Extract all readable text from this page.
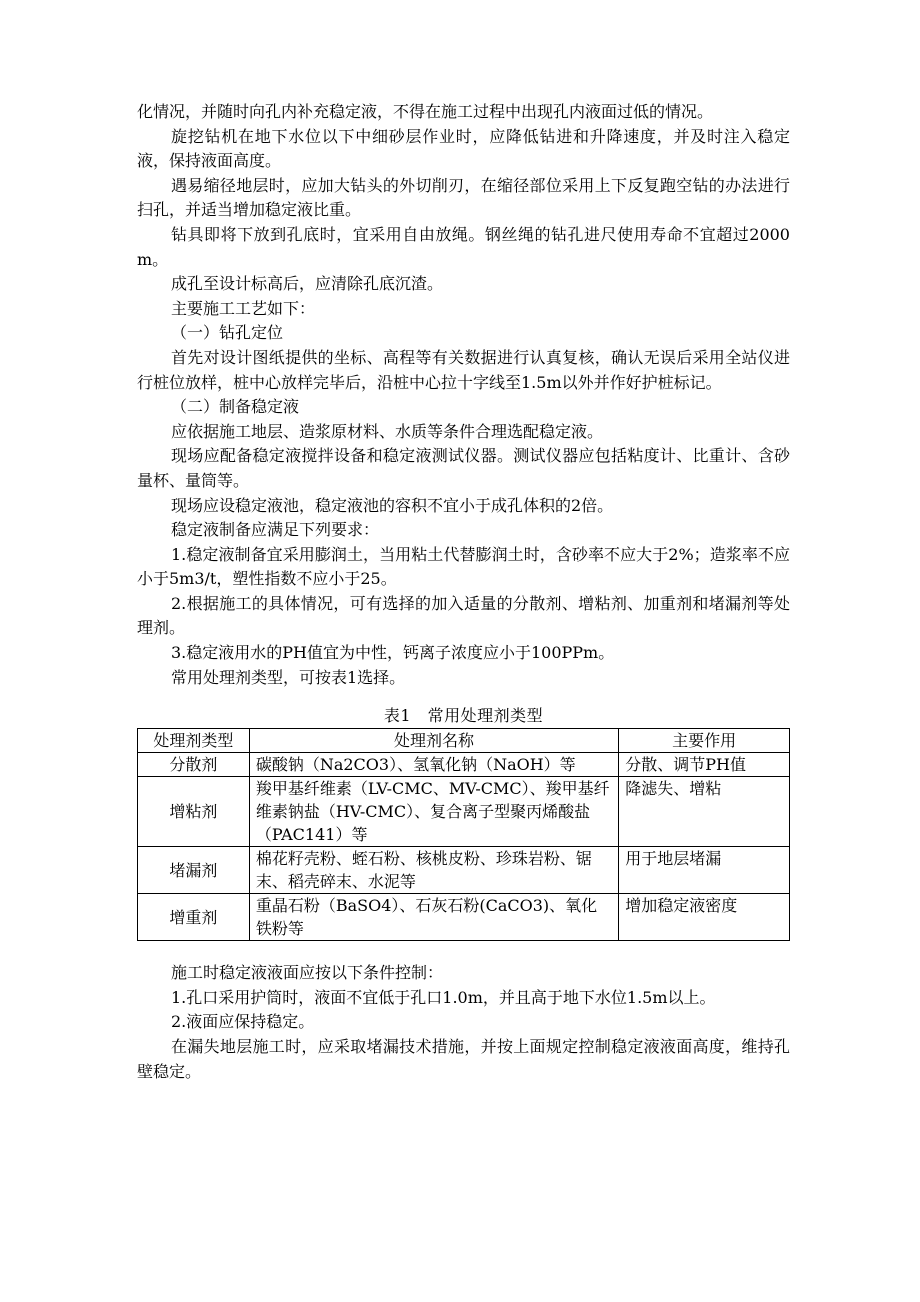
化情况，并随时向孔内补充稳定液，不得在施工过程中出现孔内液面过低的情况。

旋挖钻机在地下水位以下中细砂层作业时，应降低钻进和升降速度，并及时注入稳定液，保持液面高度。

遇易缩径地层时，应加大钻头的外切削刃，在缩径部位采用上下反复跑空钻的办法进行扫孔，并适当增加稳定液比重。

钻具即将下放到孔底时，宜采用自由放绳。钢丝绳的钻孔进尺使用寿命不宜超过2000m。

成孔至设计标高后，应清除孔底沉渣。

主要施工工艺如下：

（一）钻孔定位

首先对设计图纸提供的坐标、高程等有关数据进行认真复核，确认无误后采用全站仪进行桩位放样，桩中心放样完毕后，沿桩中心拉十字线至1.5m以外并作好护桩标记。

（二）制备稳定液

应依据施工地层、造浆原材料、水质等条件合理选配稳定液。

现场应配备稳定液搅拌设备和稳定液测试仪器。测试仪器应包括粘度计、比重计、含砂量杯、量筒等。

现场应设稳定液池，稳定液池的容积不宜小于成孔体积的2倍。

稳定液制备应满足下列要求：

1.稳定液制备宜采用膨润土，当用粘土代替膨润土时，含砂率不应大于2%；造浆率不应小于5m3/t，塑性指数不应小于25。

2.根据施工的具体情况，可有选择的加入适量的分散剂、增粘剂、加重剂和堵漏剂等处理剂。

3.稳定液用水的PH值宜为中性，钙离子浓度应小于100PPm。

常用处理剂类型，可按表1选择。

表1　常用处理剂类型
处理剂类型	处理剂名称	主要作用
分散剂	碳酸钠（Na2CO3）、氢氧化钠（NaOH）等	分散、调节PH值
增粘剂	羧甲基纤维素（LV-CMC、MV-CMC）、羧甲基纤维素钠盐（HV-CMC）、复合离子型聚丙烯酸盐（PAC141）等	降滤失、增粘
堵漏剂	棉花籽壳粉、蛭石粉、核桃皮粉、珍珠岩粉、锯末、稻壳碎末、水泥等	用于地层堵漏
增重剂	重晶石粉（BaSO4）、石灰石粉(CaCO3)、氧化铁粉等	增加稳定液密度

施工时稳定液液面应按以下条件控制：

1.孔口采用护筒时，液面不宜低于孔口1.0m，并且高于地下水位1.5m以上。

2.液面应保持稳定。

在漏失地层施工时，应采取堵漏技术措施，并按上面规定控制稳定液液面高度，维持孔壁稳定。
